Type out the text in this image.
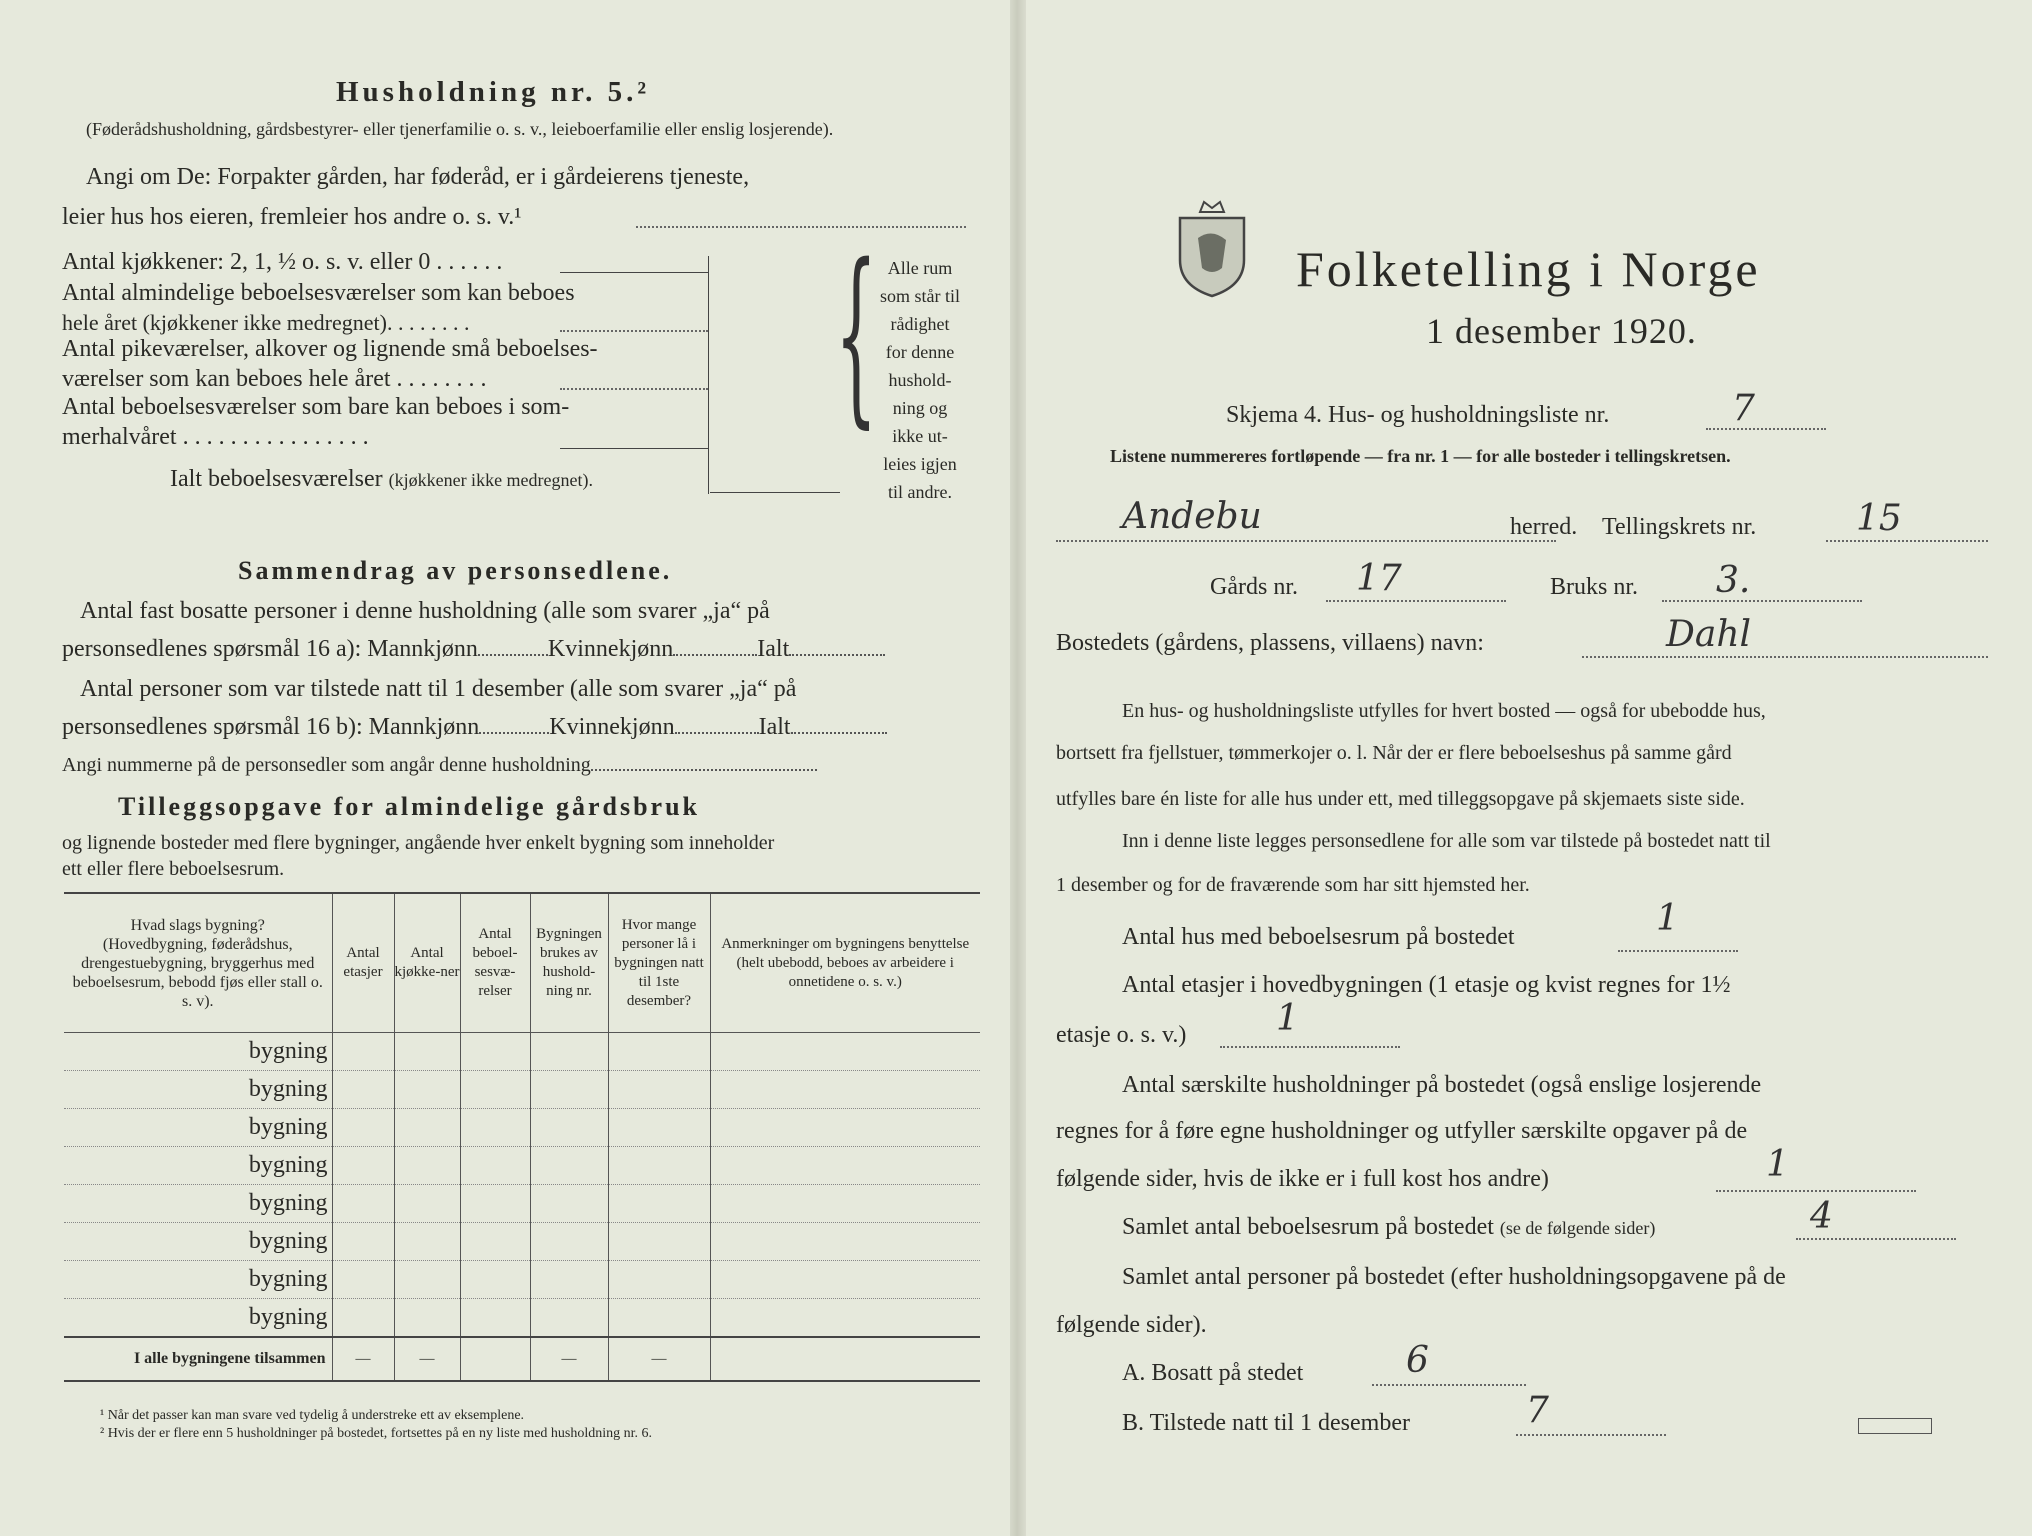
Husholdning nr. 5.²
(Føderådshusholdning, gårdsbestyrer- eller tjenerfamilie o. s. v., leieboerfamilie eller enslig losjerende).
Angi om De: Forpakter gården, har føderåd, er i gårdeierens tjeneste,
leier hus hos eieren, fremleier hos andre o. s. v.¹
Antal kjøkkener: 2, 1, ½ o. s. v. eller 0 . . . . . .
Antal almindelige beboelsesværelser som kan beboes
hele året (kjøkkener ikke medregnet). . . . . . . .
Antal pikeværelser, alkover og lignende små beboelses-
værelser som kan beboes hele året . . . . . . . .
Antal beboelsesværelser som bare kan beboes i som-
merhalvåret . . . . . . . . . . . . . . . .
Ialt beboelsesværelser (kjøkkener ikke medregnet).
{ Alle rum
som står til
rådighet
for denne
hushold-
ning og
ikke ut-
leies igjen
til andre.
Sammendrag av personsedlene.
Antal fast bosatte personer i denne husholdning (alle som svarer „ja“ på
personsedlenes spørsmål 16 a): Mannkjønn	Kvinnekjønn	Ialt
Antal personer som var tilstede natt til 1 desember (alle som svarer „ja“ på
personsedlenes spørsmål 16 b): Mannkjønn	Kvinnekjønn	Ialt
Angi nummerne på de personsedler som angår denne husholdning
Tilleggsopgave for almindelige gårdsbruk
og lignende bosteder med flere bygninger, angående hver enkelt bygning som inneholder
ett eller flere beboelsesrum.
Hvad slags bygning?
(Hovedbygning, føderådshus, drengestuebygning, bryggerhus med beboelsesrum, bebodd fjøs eller stall o. s. v).	Antal etasjer	Antal kjøkke-ner	Antal beboel-sesvæ-relser	Bygningen brukes av hushold-ning nr.	Hvor mange personer lå i bygningen natt til 1ste desember?	Anmerkninger om bygningens benyttelse (helt ubebodd, beboes av arbeidere i onnetidene o. s. v.)
bygning						
bygning						
bygning						
bygning						
bygning						
bygning						
bygning						
bygning						
I alle bygningene tilsammen	—	—		—	—	
¹ Når det passer kan man svare ved tydelig å understreke ett av eksemplene.
² Hvis der er flere enn 5 husholdninger på bostedet, fortsettes på en ny liste med husholdning nr. 6.
Folketelling i Norge
1 desember 1920.
Skjema 4. Hus- og husholdningsliste nr.	7
Listene nummereres fortløpende — fra nr. 1 — for alle bosteder i tellingskretsen.
Andebu	herred. Tellingskrets nr.	15
Gårds nr. 17	Bruks nr. 3.
Bostedets (gårdens, plassens, villaens) navn:	Dahl
En hus- og husholdningsliste utfylles for hvert bosted — også for ubebodde hus,
bortsett fra fjellstuer, tømmerkojer o. l. Når der er flere beboelseshus på samme gård
utfylles bare én liste for alle hus under ett, med tilleggsopgave på skjemaets siste side.
Inn i denne liste legges personsedlene for alle som var tilstede på bostedet natt til
1 desember og for de fraværende som har sitt hjemsted her.
Antal hus med beboelsesrum på bostedet	1
Antal etasjer i hovedbygningen (1 etasje og kvist regnes for 1½
etasje o. s. v.) 1
Antal særskilte husholdninger på bostedet (også enslige losjerende
regnes for å føre egne husholdninger og utfyller særskilte opgaver på de
følgende sider, hvis de ikke er i full kost hos andre)	1
Samlet antal beboelsesrum på bostedet (se de følgende sider)	4
Samlet antal personer på bostedet (efter husholdningsopgavene på de
følgende sider).
A. Bosatt på stedet	6
B. Tilstede natt til 1 desember	7
